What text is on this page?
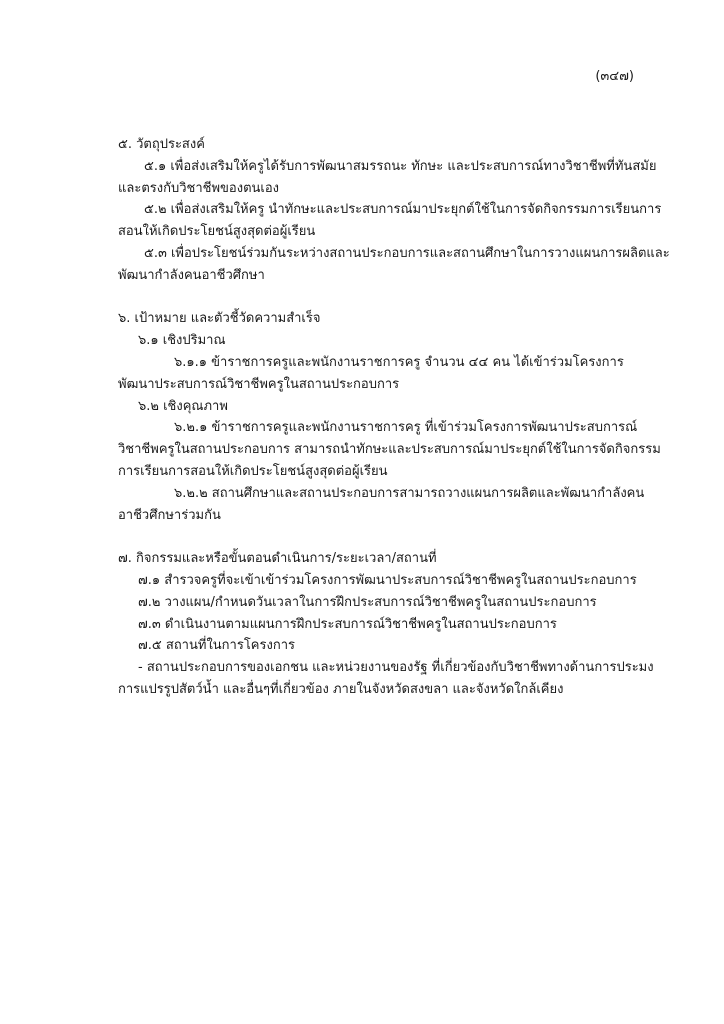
(๓๔๗)
๕. วัตถุประสงค์
๕.๑ เพื่อส่งเสริมให้ครูได้รับการพัฒนาสมรรถนะ ทักษะ และประสบการณ์ทางวิชาชีพที่ทันสมัย
และตรงกับวิชาชีพของตนเอง
๕.๒ เพื่อส่งเสริมให้ครู นำทักษะและประสบการณ์มาประยุกต์ใช้ในการจัดกิจกรรมการเรียนการ
สอนให้เกิดประโยชน์สูงสุดต่อผู้เรียน
๕.๓ เพื่อประโยชน์ร่วมกันระหว่างสถานประกอบการและสถานศึกษาในการวางแผนการผลิตและ
พัฒนากำลังคนอาชีวศึกษา
๖. เป้าหมาย และตัวชี้วัดความสำเร็จ
๖.๑ เชิงปริมาณ
๖.๑.๑ ข้าราชการครูและพนักงานราชการครู จำนวน ๔๔ คน ได้เข้าร่วมโครงการ
พัฒนาประสบการณ์วิชาชีพครูในสถานประกอบการ
๖.๒ เชิงคุณภาพ
๖.๒.๑ ข้าราชการครูและพนักงานราชการครู ที่เข้าร่วมโครงการพัฒนาประสบการณ์
วิชาชีพครูในสถานประกอบการ สามารถนำทักษะและประสบการณ์มาประยุกต์ใช้ในการจัดกิจกรรม
การเรียนการสอนให้เกิดประโยชน์สูงสุดต่อผู้เรียน
๖.๒.๒ สถานศึกษาและสถานประกอบการสามารถวางแผนการผลิตและพัฒนากำลังคน
อาชีวศึกษาร่วมกัน
๗. กิจกรรมและหรือขั้นตอนดำเนินการ/ระยะเวลา/สถานที่
๗.๑ สำรวจครูที่จะเข้าเข้าร่วมโครงการพัฒนาประสบการณ์วิชาชีพครูในสถานประกอบการ
๗.๒ วางแผน/กำหนดวันเวลาในการฝึกประสบการณ์วิชาชีพครูในสถานประกอบการ
๗.๓ ดำเนินงานตามแผนการฝึกประสบการณ์วิชาชีพครูในสถานประกอบการ
๗.๕ สถานที่ในการโครงการ
- สถานประกอบการของเอกชน และหน่วยงานของรัฐ ที่เกี่ยวข้องกับวิชาชีพทางด้านการประมง
การแปรรูปสัตว์น้ำ และอื่นๆที่เกี่ยวข้อง ภายในจังหวัดสงขลา และจังหวัดใกล้เคียง
